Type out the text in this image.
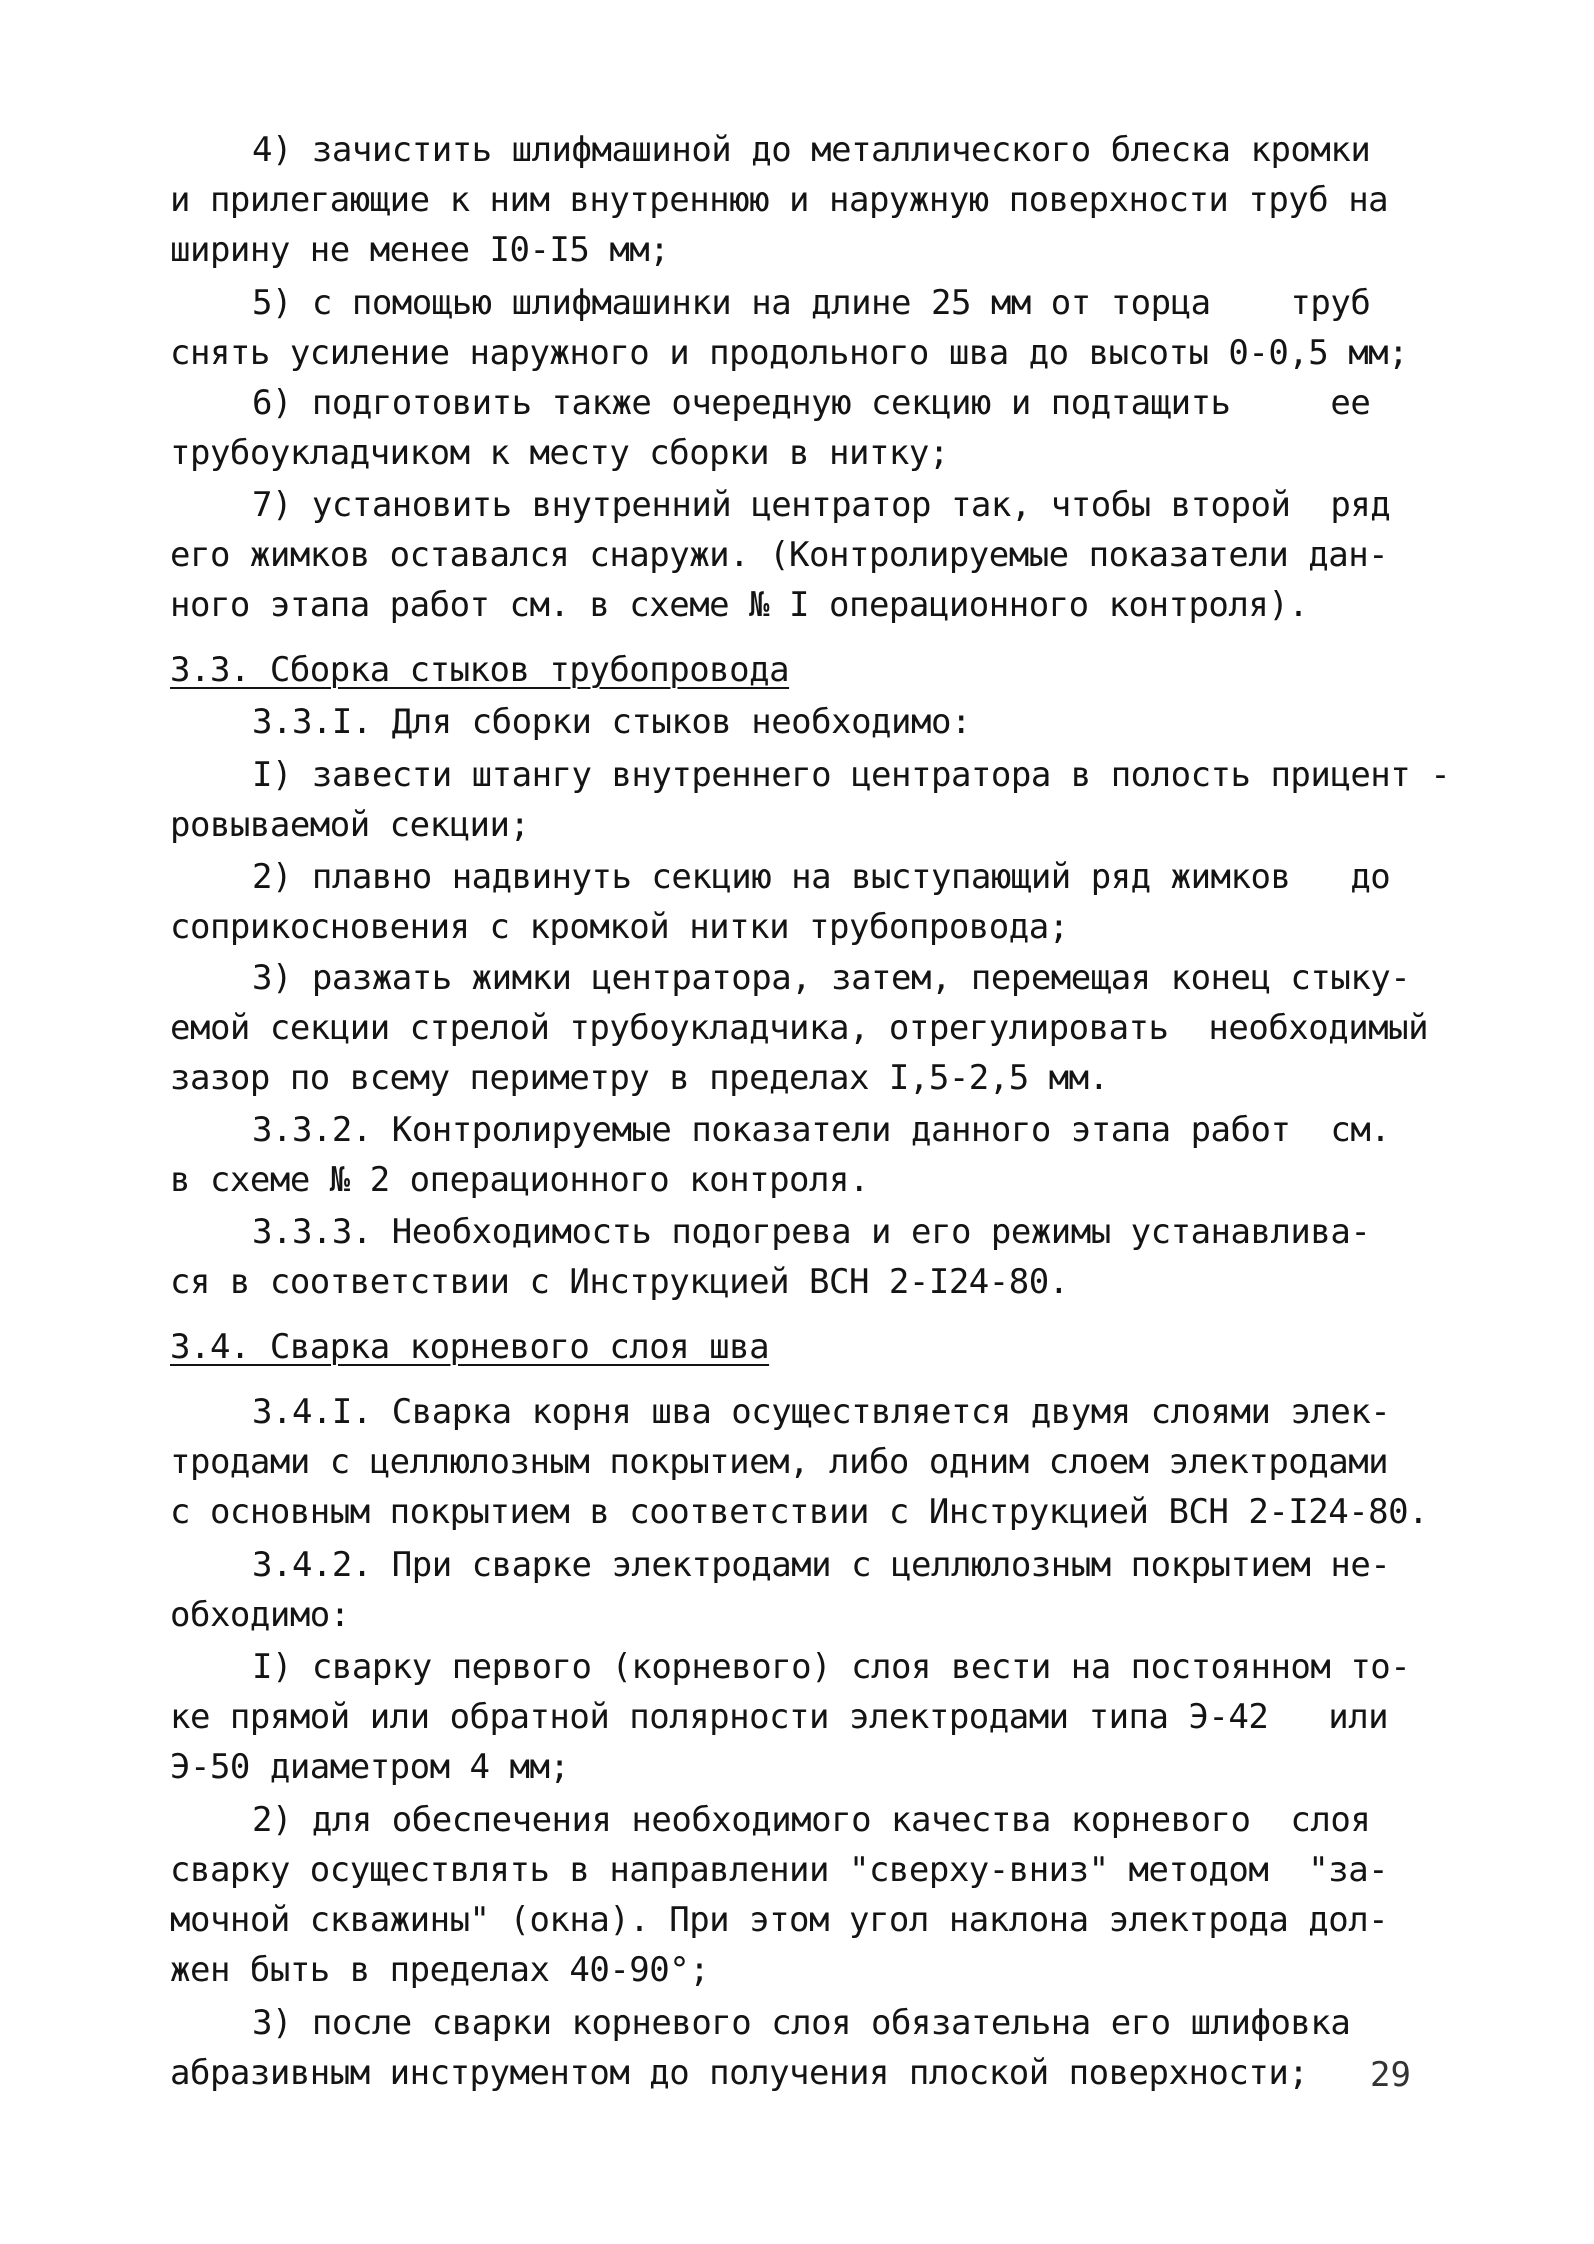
4) зачистить шлифмашиной до металлического блеска кромки
и прилегающие к ним внутреннюю и наружную поверхности труб на
ширину не менее I0-I5 мм;
5) с помощью шлифмашинки на длине 25 мм от торца    труб
снять усиление наружного и продольного шва до высоты 0-0,5 мм;
6) подготовить также очередную секцию и подтащить     ее
трубоукладчиком к месту сборки в нитку;
7) установить внутренний центратор так, чтобы второй  ряд
его жимков оставался снаружи. (Контролируемые показатели дан-
ного этапа работ см. в схеме № I операционного контроля).
3.3. Сборка стыков трубопровода
3.3.I. Для сборки стыков необходимо:
I) завести штангу внутреннего центратора в полость прицент -
ровываемой секции;
2) плавно надвинуть секцию на выступающий ряд жимков   до
соприкосновения с кромкой нитки трубопровода;
3) разжать жимки центратора, затем, перемещая конец стыку-
емой секции стрелой трубоукладчика, отрегулировать  необходимый
зазор по всему периметру в пределах I,5-2,5 мм.
3.3.2. Контролируемые показатели данного этапа работ  см.
в схеме № 2 операционного контроля.
3.3.3. Необходимость подогрева и его режимы устанавлива-
ся в соответствии с Инструкцией ВСН 2-I24-80.
3.4. Сварка корневого слоя шва
3.4.I. Сварка корня шва осуществляется двумя слоями элек-
тродами с целлюлозным покрытием, либо одним слоем электродами
с основным покрытием в соответствии с Инструкцией ВСН 2-I24-80.
3.4.2. При сварке электродами с целлюлозным покрытием не-
обходимо:
I) сварку первого (корневого) слоя вести на постоянном то-
ке прямой или обратной полярности электродами типа Э-42   или
Э-50 диаметром 4 мм;
2) для обеспечения необходимого качества корневого  слоя
сварку осуществлять в направлении "сверху-вниз" методом  "за-
мочной скважины" (окна). При этом угол наклона электрода дол-
жен быть в пределах 40-90°;
3) после сварки корневого слоя обязательна его шлифовка
абразивным инструментом до получения плоской поверхности; 29
